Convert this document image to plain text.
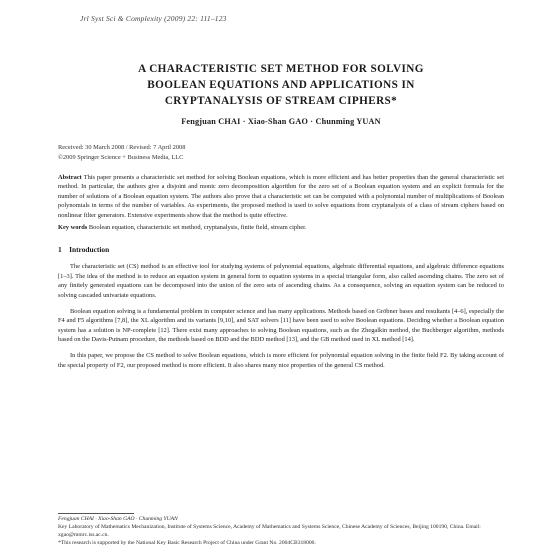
Jrl Syst Sci & Complexity (2009) 22: 111–123
A CHARACTERISTIC SET METHOD FOR SOLVING
BOOLEAN EQUATIONS AND APPLICATIONS IN
CRYPTANALYSIS OF STREAM CIPHERS*
Fengjuan CHAI · Xiao-Shan GAO · Chunming YUAN
Received: 30 March 2008 / Revised: 7 April 2008
©2009 Springer Science + Business Media, LLC
Abstract This paper presents a characteristic set method for solving Boolean equations, which is more efficient and has better properties than the general characteristic set method. In particular, the authors give a disjoint and monic zero decomposition algorithm for the zero set of a Boolean equation system and an explicit formula for the number of solutions of a Boolean equation system. The authors also prove that a characteristic set can be computed with a polynomial number of multiplications of Boolean polynomials in terms of the number of variables. As experiments, the proposed method is used to solve equations from cryptanalysis of a class of stream ciphers based on nonlinear filter generators. Extensive experiments show that the method is quite effective.
Key words Boolean equation, characteristic set method, cryptanalysis, finite field, stream cipher.
1 Introduction

The characteristic set (CS) method is an effective tool for studying systems of polynomial equations, algebraic differential equations, and algebraic difference equations [1–3]. The idea of the method is to reduce an equation system in general form to equation systems in a special triangular form, also called ascending chains. The zero set of any finitely generated equations can be decomposed into the union of the zero sets of ascending chains. As a consequence, solving an equation system can be reduced to solving cascaded univariate equations.

Boolean equation solving is a fundamental problem in computer science and has many applications. Methods based on Gröbner bases and resultants [4–6], especially the F4 and F5 algorithms [7,8], the XL algorithm and its variants [9,10], and SAT solvers [11] have been used to solve Boolean equations. Deciding whether a Boolean equation system has a solution is NP-complete [12]. There exist many approaches to solving Boolean equations, such as the Zhegalkin method, the Buchberger algorithm, methods based on the Davis-Putnam procedure, the methods based on BDD and the BDD method [13], and the GB method used in XL method [14].

In this paper, we propose the CS method to solve Boolean equations, which is more efficient for polynomial equation solving in the finite field F2. By taking account of the special property of F2, our proposed method is more efficient. It also shares many nice properties of the general CS method.

Fengjuan CHAI · Xiao-Shan GAO · Chunming YUAN
Key Laboratory of Mathematics Mechanization, Institute of Systems Science, Academy of Mathematics and Systems Science, Chinese Academy of Sciences, Beijing 100190, China. Email: xgao@mmrc.iss.ac.cn.
*This research is supported by the National Key Basic Research Project of China under Grant No. 2004CB318000.
